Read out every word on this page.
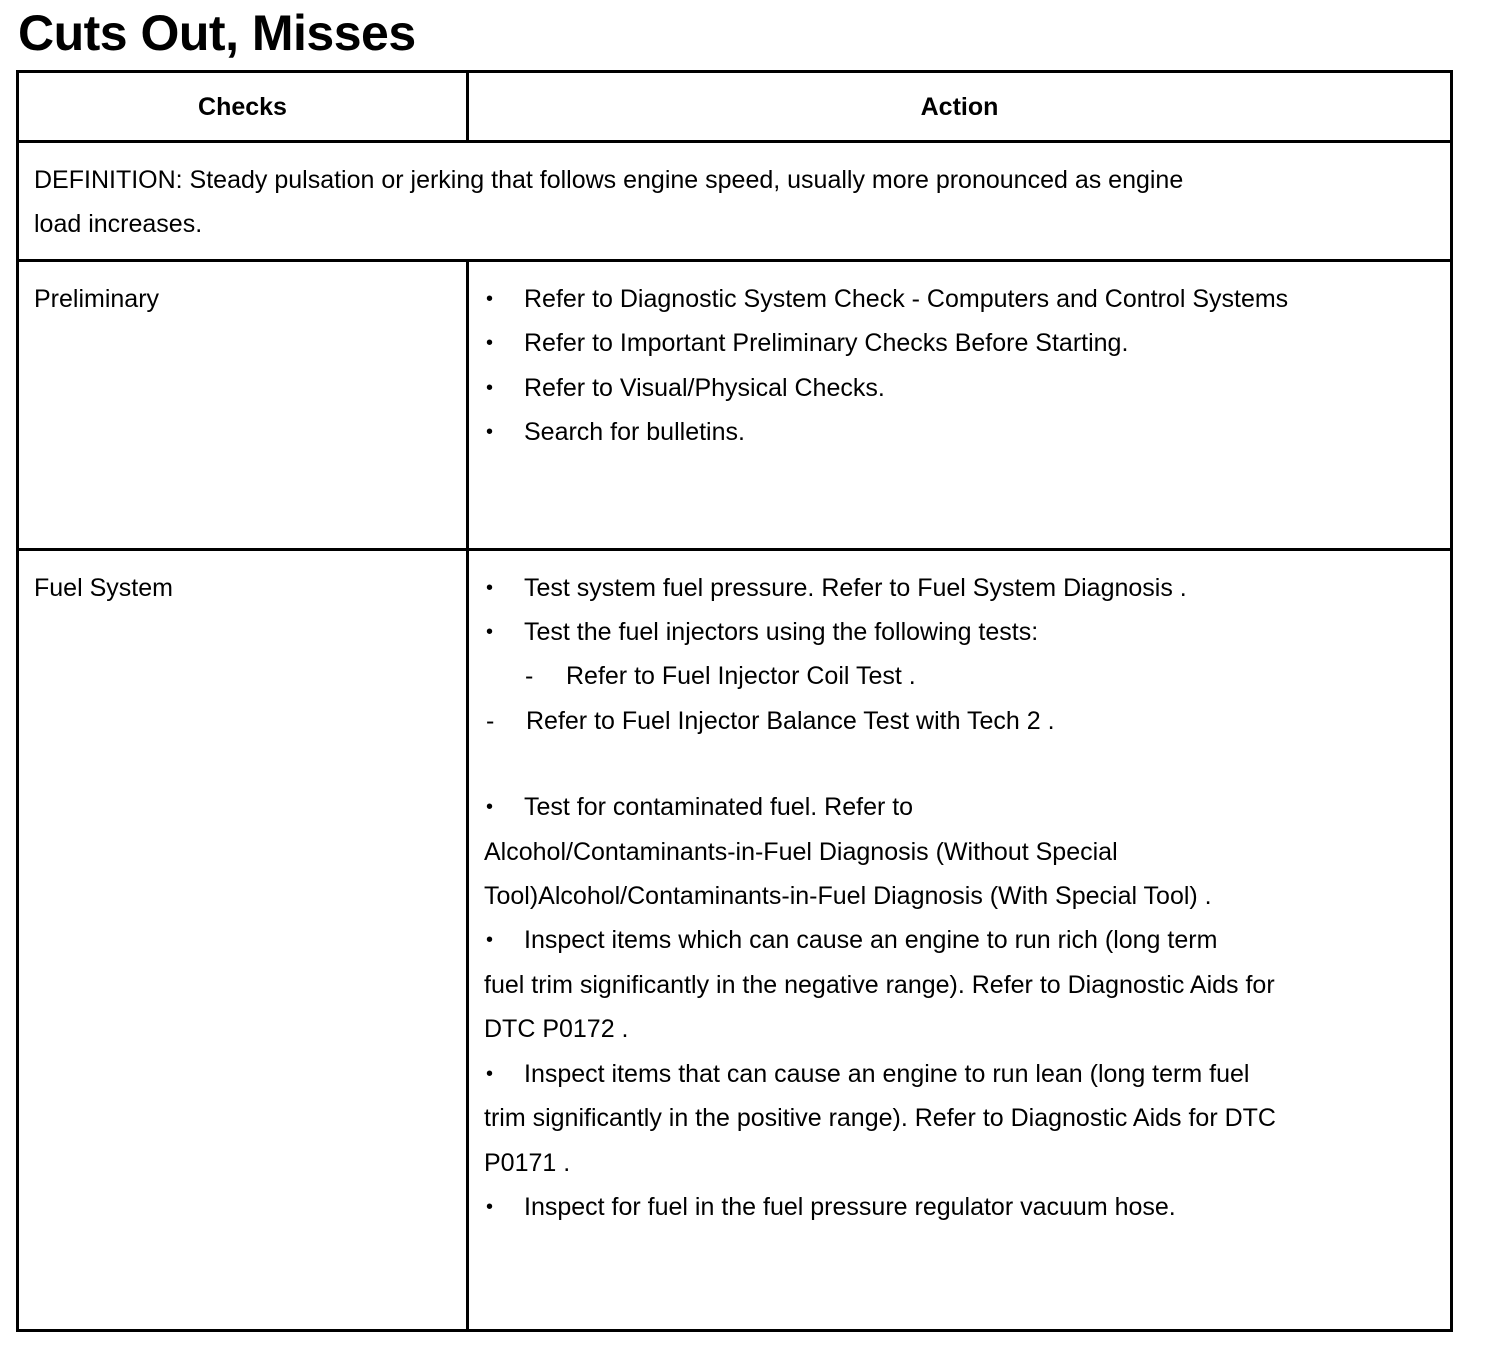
Cuts Out, Misses
Checks	Action
DEFINITION: Steady pulsation or jerking that follows engine speed, usually more pronounced as engine
load increases.
Preliminary	• Refer to Diagnostic System Check - Computers and Control Systems
• Refer to Important Preliminary Checks Before Starting.
• Refer to Visual/Physical Checks.
• Search for bulletins.
Fuel System	• Test system fuel pressure. Refer to Fuel System Diagnosis .
• Test the fuel injectors using the following tests:
- Refer to Fuel Injector Coil Test .
- Refer to Fuel Injector Balance Test with Tech 2 .
• Test for contaminated fuel. Refer to
Alcohol/Contaminants-in-Fuel Diagnosis (Without Special
Tool)Alcohol/Contaminants-in-Fuel Diagnosis (With Special Tool) .
• Inspect items which can cause an engine to run rich (long term
fuel trim significantly in the negative range). Refer to Diagnostic Aids for
DTC P0172 .
• Inspect items that can cause an engine to run lean (long term fuel
trim significantly in the positive range). Refer to Diagnostic Aids for DTC
P0171 .
• Inspect for fuel in the fuel pressure regulator vacuum hose.
